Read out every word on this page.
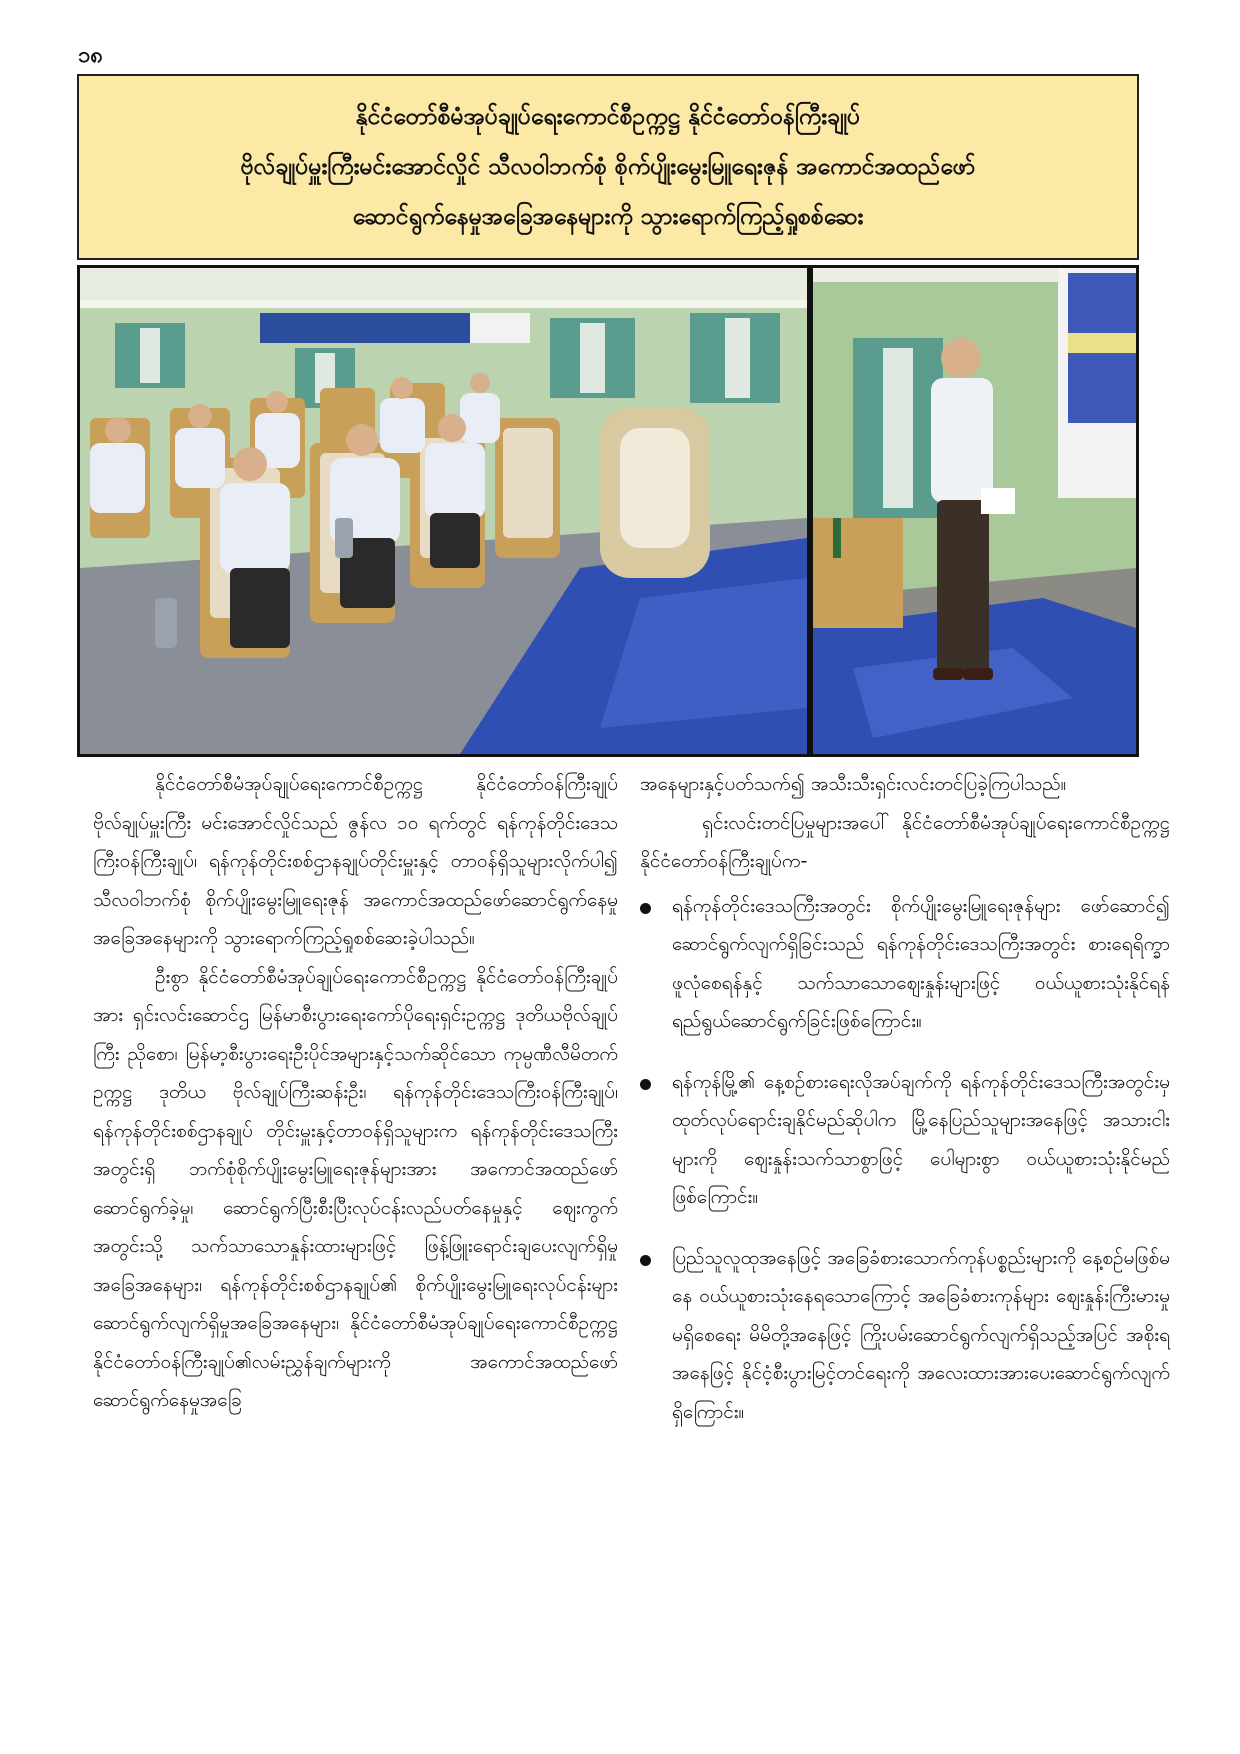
၁၈
နိုင်ငံတော်စီမံအုပ်ချုပ်ရေးကောင်စီဥက္ကဋ္ဌ နိုင်ငံတော်ဝန်ကြီးချုပ်
ဗိုလ်ချုပ်မှူးကြီးမင်းအောင်လှိုင် သီလဝါဘက်စုံ စိုက်ပျိုးမွေးမြူရေးဇုန် အကောင်အထည်ဖော်
ဆောင်ရွက်နေမှုအခြေအနေများကို သွားရောက်ကြည့်ရှုစစ်ဆေး

နိုင်ငံတော်စီမံအုပ်ချုပ်ရေးကောင်စီဥက္ကဋ္ဌ နိုင်ငံတော်ဝန်ကြီးချုပ် ဗိုလ်ချုပ်မှူးကြီး မင်းအောင်လှိုင်သည် ဇွန်လ ၁၀ ရက်တွင် ရန်ကုန်တိုင်းဒေသကြီးဝန်ကြီးချုပ်၊ ရန်ကုန်တိုင်းစစ်ဌာနချုပ်တိုင်းမှူးနှင့် တာဝန်ရှိသူများလိုက်ပါ၍ သီလဝါဘက်စုံ စိုက်ပျိုးမွေးမြူရေးဇုန် အကောင်အထည်ဖော်ဆောင်ရွက်နေမှု အခြေအနေများကို သွားရောက်ကြည့်ရှုစစ်ဆေးခဲ့ပါသည်။

ဦးစွာ နိုင်ငံတော်စီမံအုပ်ချုပ်ရေးကောင်စီဥက္ကဋ္ဌ နိုင်ငံတော်ဝန်ကြီးချုပ်အား ရှင်းလင်းဆောင်ဌ မြန်မာစီးပွားရေးကော်ပိုရေးရှင်းဥက္ကဋ္ဌ ဒုတိယဗိုလ်ချုပ်ကြီး ညိုစော၊ မြန်မာ့စီးပွားရေးဦးပိုင်အများနှင့်သက်ဆိုင်သော ကုမ္ပဏီလီမိတက်ဥက္ကဋ္ဌ ဒုတိယ ဗိုလ်ချုပ်ကြီးဆန်းဦး၊ ရန်ကုန်တိုင်းဒေသကြီးဝန်ကြီးချုပ်၊ ရန်ကုန်တိုင်းစစ်ဌာနချုပ် တိုင်းမှူးနှင့်တာဝန်ရှိသူများက ရန်ကုန်တိုင်းဒေသကြီးအတွင်းရှိ ဘက်စုံစိုက်ပျိုးမွေးမြူရေးဇုန်များအား အကောင်အထည်ဖော်ဆောင်ရွက်ခဲ့မှု၊ ဆောင်ရွက်ပြီးစီးပြီးလုပ်ငန်းလည်ပတ်နေမှုနှင့် ဈေးကွက်အတွင်းသို့ သက်သာသောနှုန်းထားများဖြင့် ဖြန့်ဖြူးရောင်းချပေးလျက်ရှိမှု အခြေအနေများ၊ ရန်ကုန်တိုင်းစစ်ဌာနချုပ်၏ စိုက်ပျိုးမွေးမြူရေးလုပ်ငန်းများ ဆောင်ရွက်လျက်ရှိမှုအခြေအနေများ၊ နိုင်ငံတော်စီမံအုပ်ချုပ်ရေးကောင်စီဥက္ကဋ္ဌ နိုင်ငံတော်ဝန်ကြီးချုပ်၏လမ်းညွှန်ချက်များကို အကောင်အထည်ဖော် ဆောင်ရွက်နေမှုအခြေ

အနေများနှင့်ပတ်သက်၍ အသီးသီးရှင်းလင်းတင်ပြခဲ့ကြပါသည်။

ရှင်းလင်းတင်ပြမှုများအပေါ် နိုင်ငံတော်စီမံအုပ်ချုပ်ရေးကောင်စီဥက္ကဋ္ဌ နိုင်ငံတော်ဝန်ကြီးချုပ်က-

ရန်ကုန်တိုင်းဒေသကြီးအတွင်း စိုက်ပျိုးမွေးမြူရေးဇုန်များ ဖော်ဆောင်၍ ဆောင်ရွက်လျက်ရှိခြင်းသည် ရန်ကုန်တိုင်းဒေသကြီးအတွင်း စားရေရိက္ခာဖူလုံစေရန်နှင့် သက်သာသောဈေးနှုန်းများဖြင့် ဝယ်ယူစားသုံးနိုင်ရန် ရည်ရွယ်ဆောင်ရွက်ခြင်းဖြစ်ကြောင်း။
ရန်ကုန်မြို့၏ နေ့စဉ်စားရေးလိုအပ်ချက်ကို ရန်ကုန်တိုင်းဒေသကြီးအတွင်းမှ ထုတ်လုပ်ရောင်းချနိုင်မည်ဆိုပါက မြို့နေပြည်သူများအနေဖြင့် အသားငါးများကို ဈေးနှုန်းသက်သာစွာဖြင့် ပေါများစွာ ဝယ်ယူစားသုံးနိုင်မည်ဖြစ်ကြောင်း။
ပြည်သူလူထုအနေဖြင့် အခြေခံစားသောက်ကုန်ပစ္စည်းများကို နေ့စဉ်မဖြစ်မနေ ဝယ်ယူစားသုံးနေရသောကြောင့် အခြေခံစားကုန်များ ဈေးနှုန်းကြီးမားမှုမရှိစေရေး မိမိတို့အနေဖြင့် ကြိုးပမ်းဆောင်ရွက်လျက်ရှိသည့်အပြင် အစိုးရအနေဖြင့် နိုင်ငံ့စီးပွားမြင့်တင်ရေးကို အလေးထားအားပေးဆောင်ရွက်လျက်ရှိကြောင်း။
